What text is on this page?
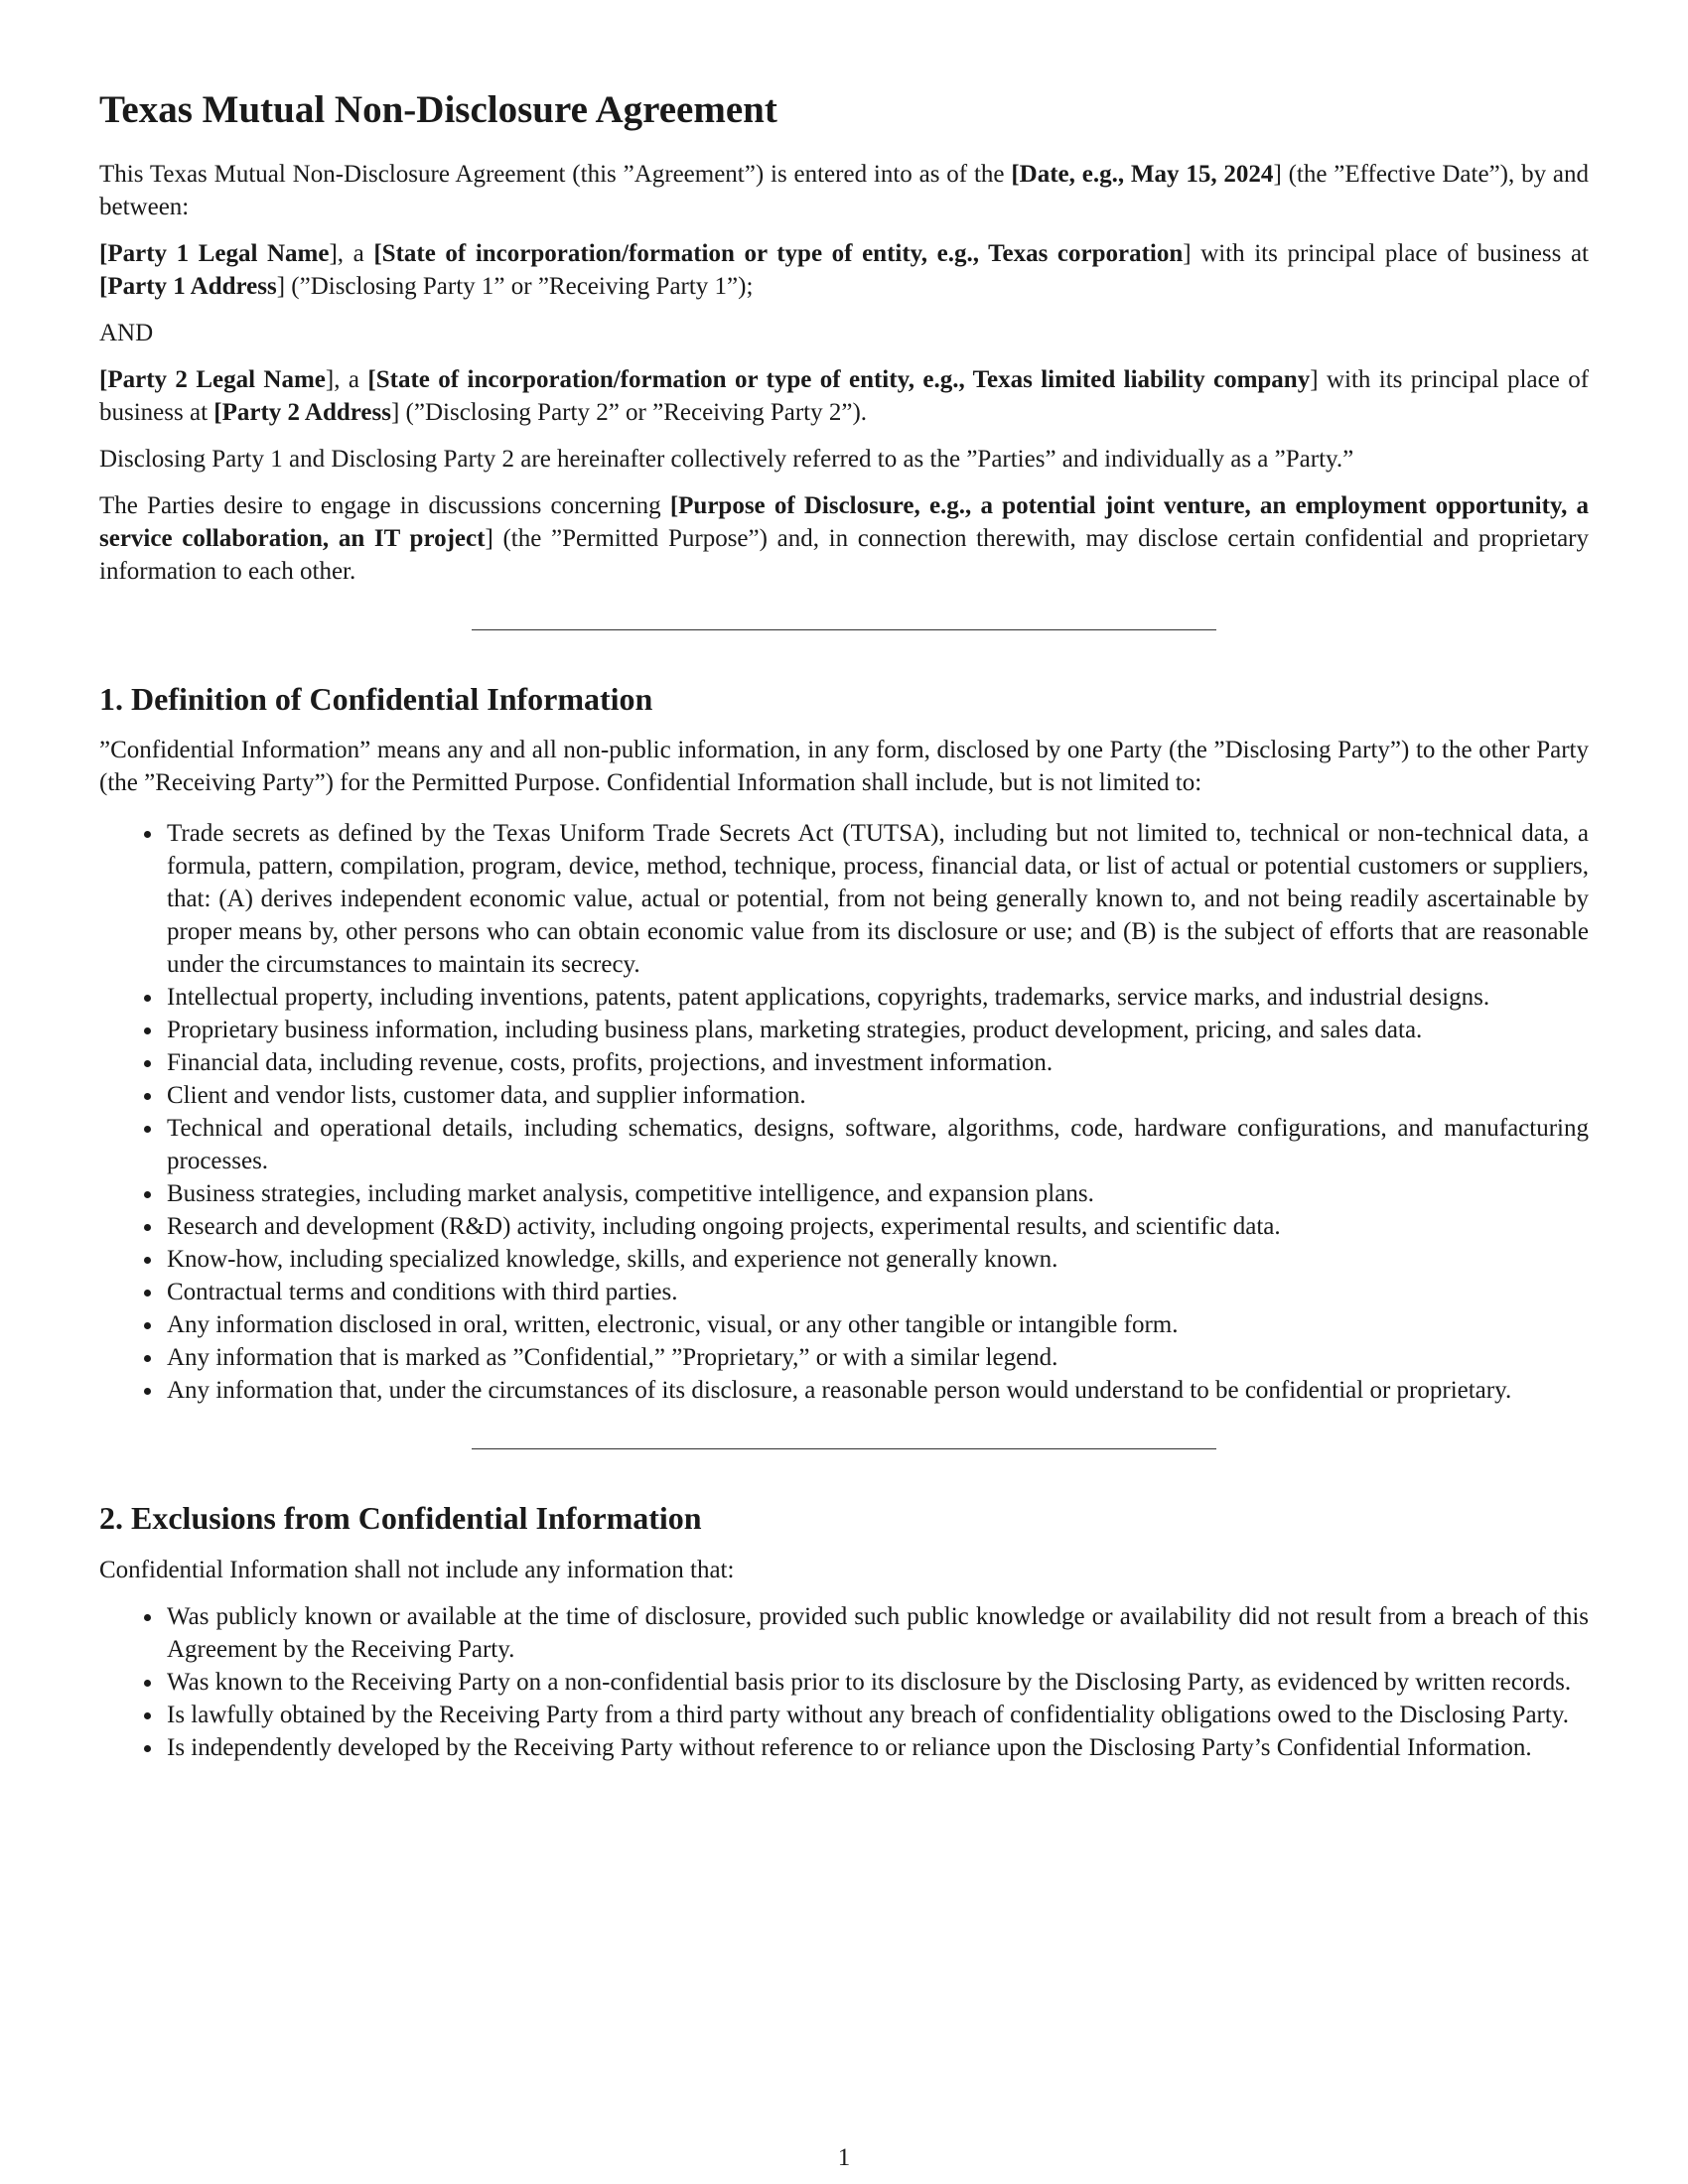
Texas Mutual Non-Disclosure Agreement

This Texas Mutual Non-Disclosure Agreement (this ”Agreement”) is entered into as of the [Date, e.g., May 15, 2024] (the ”Effective Date”), by and between:

[Party 1 Legal Name], a [State of incorporation/formation or type of entity, e.g., Texas corporation] with its principal place of business at [Party 1 Address] (”Disclosing Party 1” or ”Receiving Party 1”);

AND

[Party 2 Legal Name], a [State of incorporation/formation or type of entity, e.g., Texas limited liability company] with its principal place of business at [Party 2 Address] (”Disclosing Party 2” or ”Receiving Party 2”).

Disclosing Party 1 and Disclosing Party 2 are hereinafter collectively referred to as the ”Parties” and individually as a ”Party.”

The Parties desire to engage in discussions concerning [Purpose of Disclosure, e.g., a potential joint venture, an employment opportunity, a service collaboration, an IT project] (the ”Permitted Purpose”) and, in connection therewith, may disclose certain confidential and proprietary information to each other.

1. Definition of Confidential Information

”Confidential Information” means any and all non-public information, in any form, disclosed by one Party (the ”Disclosing Party”) to the other Party (the ”Receiving Party”) for the Permitted Purpose. Confidential Information shall include, but is not limited to:

Trade secrets as defined by the Texas Uniform Trade Secrets Act (TUTSA), including but not limited to, technical or non-technical data, a formula, pattern, compilation, program, device, method, technique, process, financial data, or list of actual or potential customers or suppliers, that: (A) derives independent economic value, actual or potential, from not being generally known to, and not being readily ascertainable by proper means by, other persons who can obtain economic value from its disclosure or use; and (B) is the subject of efforts that are reasonable under the circumstances to maintain its secrecy.
Intellectual property, including inventions, patents, patent applications, copyrights, trademarks, service marks, and industrial designs.
Proprietary business information, including business plans, marketing strategies, product development, pricing, and sales data.
Financial data, including revenue, costs, profits, projections, and investment information.
Client and vendor lists, customer data, and supplier information.
Technical and operational details, including schematics, designs, software, algorithms, code, hardware configurations, and manufacturing processes.
Business strategies, including market analysis, competitive intelligence, and expansion plans.
Research and development (R&D) activity, including ongoing projects, experimental results, and scientific data.
Know-how, including specialized knowledge, skills, and experience not generally known.
Contractual terms and conditions with third parties.
Any information disclosed in oral, written, electronic, visual, or any other tangible or intangible form.
Any information that is marked as ”Confidential,” ”Proprietary,” or with a similar legend.
Any information that, under the circumstances of its disclosure, a reasonable person would understand to be confidential or proprietary.
2. Exclusions from Confidential Information

Confidential Information shall not include any information that:

Was publicly known or available at the time of disclosure, provided such public knowledge or availability did not result from a breach of this Agreement by the Receiving Party.
Was known to the Receiving Party on a non-confidential basis prior to its disclosure by the Disclosing Party, as evidenced by written records.
Is lawfully obtained by the Receiving Party from a third party without any breach of confidentiality obligations owed to the Disclosing Party.
Is independently developed by the Receiving Party without reference to or reliance upon the Disclosing Party’s Confidential Information.
1
